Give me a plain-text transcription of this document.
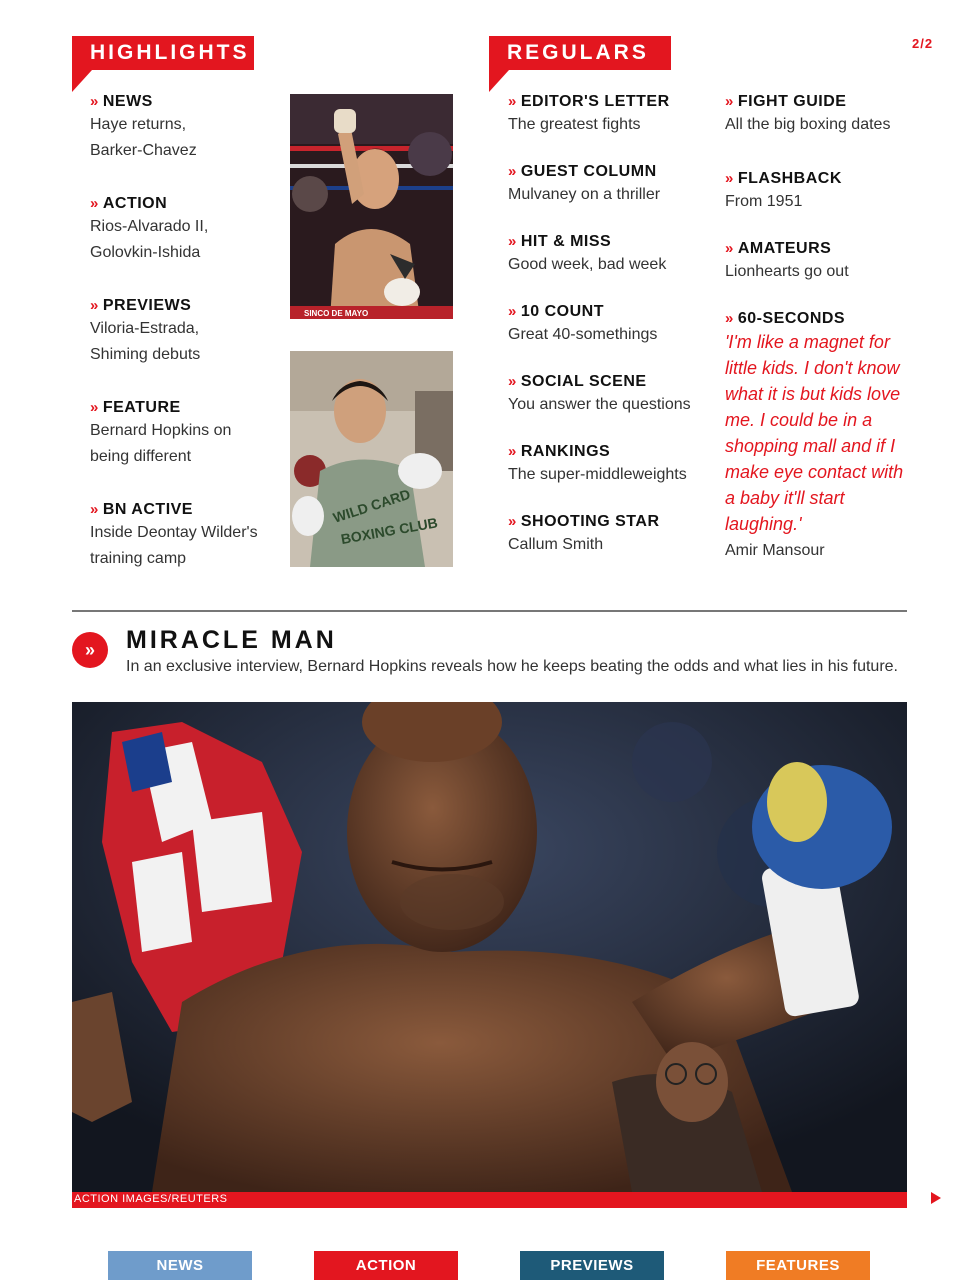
2/2
HIGHLIGHTS
» NEWS
Haye returns, Barker-Chavez
» ACTION
Rios-Alvarado II, Golovkin-Ishida
» PREVIEWS
Viloria-Estrada, Shiming debuts
» FEATURE
Bernard Hopkins on being different
» BN ACTIVE
Inside Deontay Wilder's training camp
SINCO DE MAYO
WILD CARD
BOXING CLUB
REGULARS
» EDITOR'S LETTER
The greatest fights
» GUEST COLUMN
Mulvaney on a thriller
» HIT & MISS
Good week, bad week
» 10 COUNT
Great 40-somethings
» SOCIAL SCENE
You answer the questions
» RANKINGS
The super-middleweights
» SHOOTING STAR
Callum Smith
» FIGHT GUIDE
All the big boxing dates
» FLASHBACK
From 1951
» AMATEURS
Lionhearts go out
» 60-SECONDS
'I'm like a magnet for little kids. I don't know what it is but kids love me. I could be in a shopping mall and if I make eye contact with a baby it'll start laughing.'
Amir Mansour
»	MIRACLE MAN
In an exclusive interview, Bernard Hopkins reveals how he keeps beating the odds and what lies in his future.
ACTION IMAGES/REUTERS
NEWS	ACTION	PREVIEWS	FEATURES
